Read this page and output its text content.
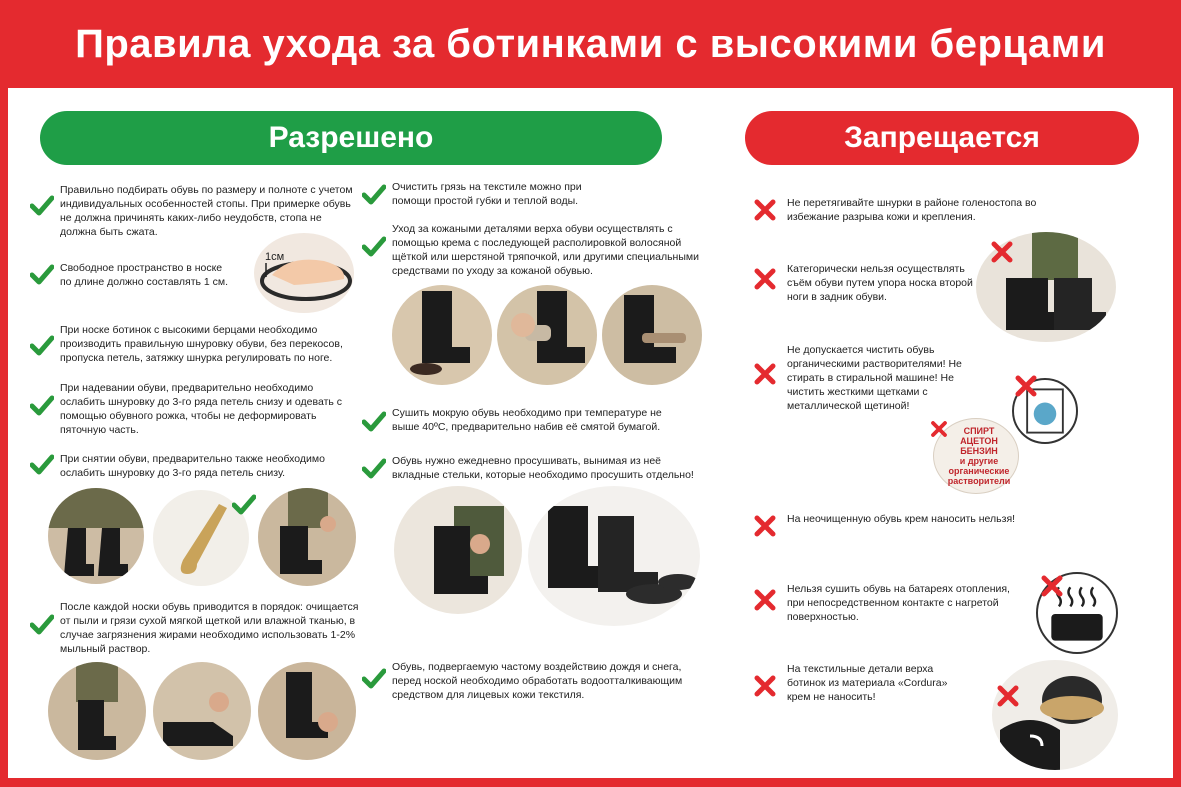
Правила ухода за ботинками с высокими берцами
Разрешено	Запрещается
Правильно подбирать обувь по размеру и полноте с учетом индивидуальных особенностей стопы. При примерке обувь не должна причинять каких-либо неудобств, стопа не должна быть сжата.
Свободное пространство в носке по длине должно составлять 1 см.
1см
При носке ботинок с высокими берцами необходимо производить правильную шнуровку обуви, без перекосов, пропуска петель, затяжку шнурка регулировать по ноге.
При надевании обуви, предварительно необходимо ослабить шнуровку до 3-го ряда петель снизу и одевать с помощью обувного рожка, чтобы не деформировать пяточную часть.
При снятии обуви, предварительно также необходимо ослабить шнуровку до 3-го ряда петель снизу.
После каждой носки обувь приводится в порядок: очищается от пыли и грязи сухой мягкой щеткой или влажной тканью, в случае загрязнения жирами необходимо использовать 1-2% мыльный раствор.
Очистить грязь на текстиле можно при помощи простой губки и теплой воды.
Уход за кожаными деталями верха обуви осуществлять с помощью крема с последующей располировкой волосяной щёткой или шерстяной тряпочкой, или другими специальными средствами по уходу за кожаной обувью.
Сушить мокрую обувь необходимо при температуре не выше 40ºС, предварительно набив её смятой бумагой.
Обувь нужно ежедневно просушивать, вынимая из неё вкладные стельки, которые необходимо просушить отдельно!
Обувь, подвергаемую частому воздействию дождя и снега, перед ноской необходимо обработать водоотталкивающим средством для лицевых кожи текстиля.
Не перетягивайте шнурки в районе голеностопа во избежание разрыва кожи и крепления.
Категорически нельзя осуществлять съём обуви путем упора носка второй ноги в задник обуви.
Не допускается чистить обувь органическими растворителями! Не стирать в стиральной машине! Не чистить жесткими щетками с металлической щетиной!
СПИРТ
АЦЕТОН
БЕНЗИН
и другие
органические
растворители
На неочищенную обувь крем наносить нельзя!
Нельзя сушить обувь на батареях отопления, при непосредственном контакте с нагретой поверхностью.
На текстильные детали верха ботинок из материала «Cordura» крем не наносить!
